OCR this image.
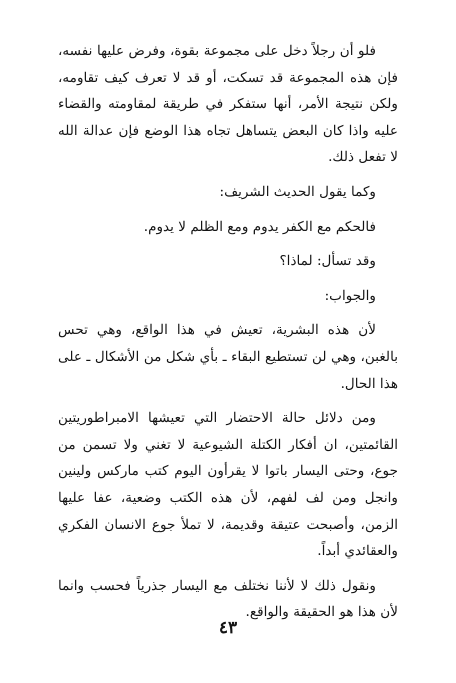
فلو أن رجلاً دخل على مجموعة بقوة، وفرض عليها نفسه، فإن هذه المجموعة قد تسكت، أو قد لا تعرف كيف تقاومه، ولكن نتيجة الأمر، أنها ستفكر في طريقة لمقاومته والقضاء عليه واذا كان البعض يتساهل تجاه هذا الوضع فإن عدالة الله لا تفعل ذلك.

وكما يقول الحديث الشريف:

فالحكم مع الكفر يدوم ومع الظلم لا يدوم.

وقد تسأل: لماذا؟

والجواب:

لأن هذه البشرية، تعيش في هذا الواقع، وهي تحس بالغبن، وهي لن تستطيع البقاء ـ بأي شكل من الأشكال ـ على هذا الحال.

ومن دلائل حالة الاحتضار التي تعيشها الامبراطوريتين القائمتين، ان أفكار الكتلة الشيوعية لا تغني ولا تسمن من جوع، وحتى اليسار باتوا لا يقرأون اليوم كتب ماركس ولينين وانجل ومن لف لفهم، لأن هذه الكتب وضعية، عفا عليها الزمن، وأصبحت عتيقة وقديمة، لا تملأ جوع الانسان الفكري والعقائدي أبداً.

ونقول ذلك لا لأننا نختلف مع اليسار جذرياً فحسب وانما لأن هذا هو الحقيقة والواقع.

٤٣
